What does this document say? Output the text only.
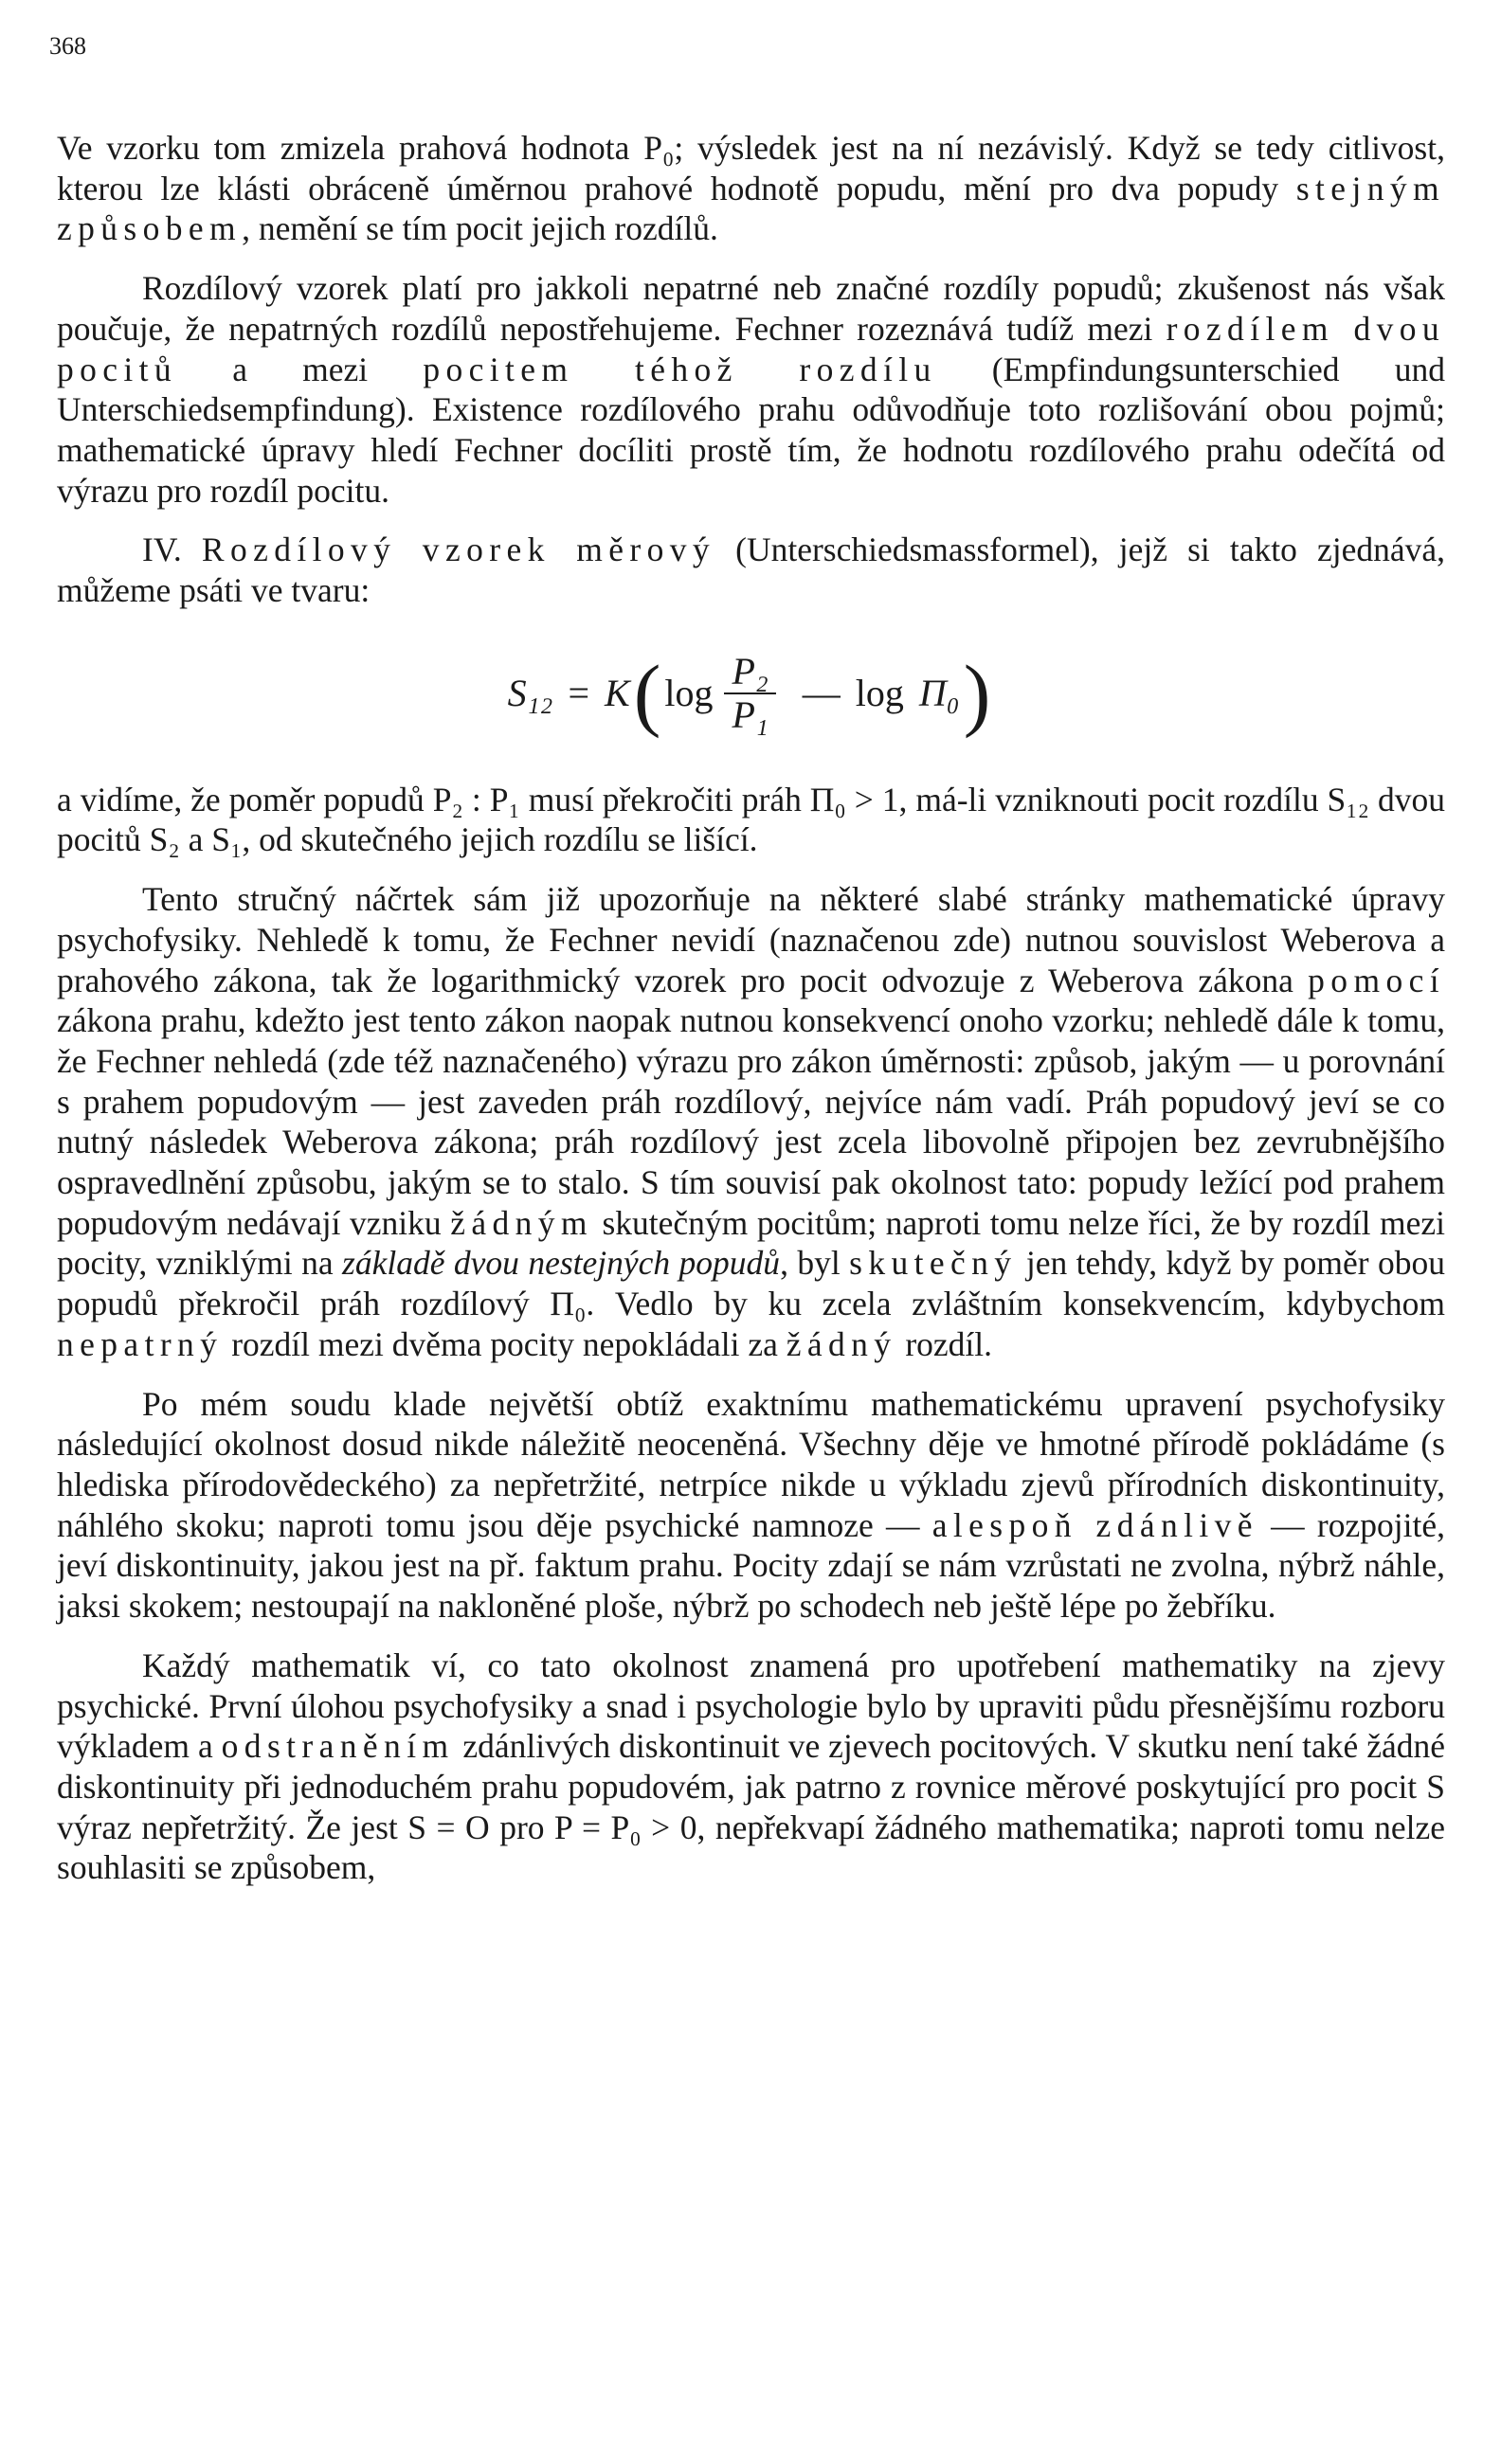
368

Ve vzorku tom zmizela prahová hodnota P₀; výsledek jest na ní nezávislý. Když se tedy citlivost, kterou lze klásti obráceně úměrnou prahové hodnotě popudu, mění pro dva popudy stejným způsobem, nemění se tím pocit jejich rozdílů.

Rozdílový vzorek platí pro jakkoli nepatrné neb značné rozdíly popudů; zkušenost nás však poučuje, že nepatrných rozdílů nepostřehujeme. Fechner rozeznává tudíž mezi rozdílem dvou pocitů a mezi pocitem téhož rozdílu (Empfindungsunterschied und Unterschiedsempfindung). Existence rozdílového prahu odůvodňuje toto rozlišování obou pojmů; mathematické úpravy hledí Fechner docíliti prostě tím, že hodnotu rozdílového prahu odečítá od výrazu pro rozdíl pocitu.

IV. Rozdílový vzorek měrový (Unterschiedsmassformel), jejž si takto zjednává, můžeme psáti ve tvaru:

S₁₂ = K ( $\log \frac{\text{P₂}}{\text{P₁}}$ — log Π₀ )

a vidíme, že poměr popudů P₂ : P₁ musí překročiti práh Π₀ > 1, má-li vzniknouti pocit rozdílu S₁₂ dvou pocitů S₂ a S₁, od skutečného jejich rozdílu se lišící.

Tento stručný náčrtek sám již upozorňuje na některé slabé stránky mathematické úpravy psychofysiky. Nehledě k tomu, že Fechner nevidí (naznačenou zde) nutnou souvislost Weberova a prahového zákona, tak že logarithmický vzorek pro pocit odvozuje z Weberova zákona pomocí zákona prahu, kdežto jest tento zákon naopak nutnou konsekvencí onoho vzorku; nehledě dále k tomu, že Fechner nehledá (zde též naznačeného) výrazu pro zákon úměrnosti: způsob, jakým — u porovnání s prahem popudovým — jest zaveden práh rozdílový, nejvíce nám vadí. Práh popudový jeví se co nutný následek Weberova zákona; práh rozdílový jest zcela libovolně připojen bez zevrubnějšího ospravedlnění způsobu, jakým se to stalo. S tím souvisí pak okolnost tato: popudy ležící pod prahem popudovým nedávají vzniku žádným skutečným pocitům; naproti tomu nelze říci, že by rozdíl mezi pocity, vzniklými na základě dvou nestejných popudů, byl skutečný jen tehdy, když by poměr obou popudů překročil práh rozdílový Π₀. Vedlo by ku zcela zvláštním konsekvencím, kdybychom nepatrný rozdíl mezi dvěma pocity nepokládali za žádný rozdíl.

Po mém soudu klade největší obtíž exaktnímu mathematickému upravení psychofysiky následující okolnost dosud nikde náležitě neoceněná. Všechny děje ve hmotné přírodě pokládáme (s hlediska přírodovědeckého) za nepřetržité, netrpíce nikde u výkladu zjevů přírodních diskontinuity, náhlého skoku; naproti tomu jsou děje psychické namnoze — alespoň zdánlivě — rozpojité, jeví diskontinuity, jakou jest na př. faktum prahu. Pocity zdají se nám vzrůstati ne zvolna, nýbrž náhle, jaksi skokem; nestoupají na nakloněné ploše, nýbrž po schodech neb ještě lépe po žebříku.

Každý mathematik ví, co tato okolnost znamená pro upotřebení mathematiky na zjevy psychické. První úlohou psychofysiky a snad i psychologie bylo by upraviti půdu přesnějšímu rozboru výkladem a odstraněním zdánlivých diskontinuit ve zjevech pocitových. V skutku není také žádné diskontinuity při jednoduchém prahu popudovém, jak patrno z rovnice měrové poskytující pro pocit S výraz nepřetržitý. Že jest S = O pro P = P₀ > 0, nepřekvapí žádného mathematika; naproti tomu nelze souhlasiti se způsobem,
